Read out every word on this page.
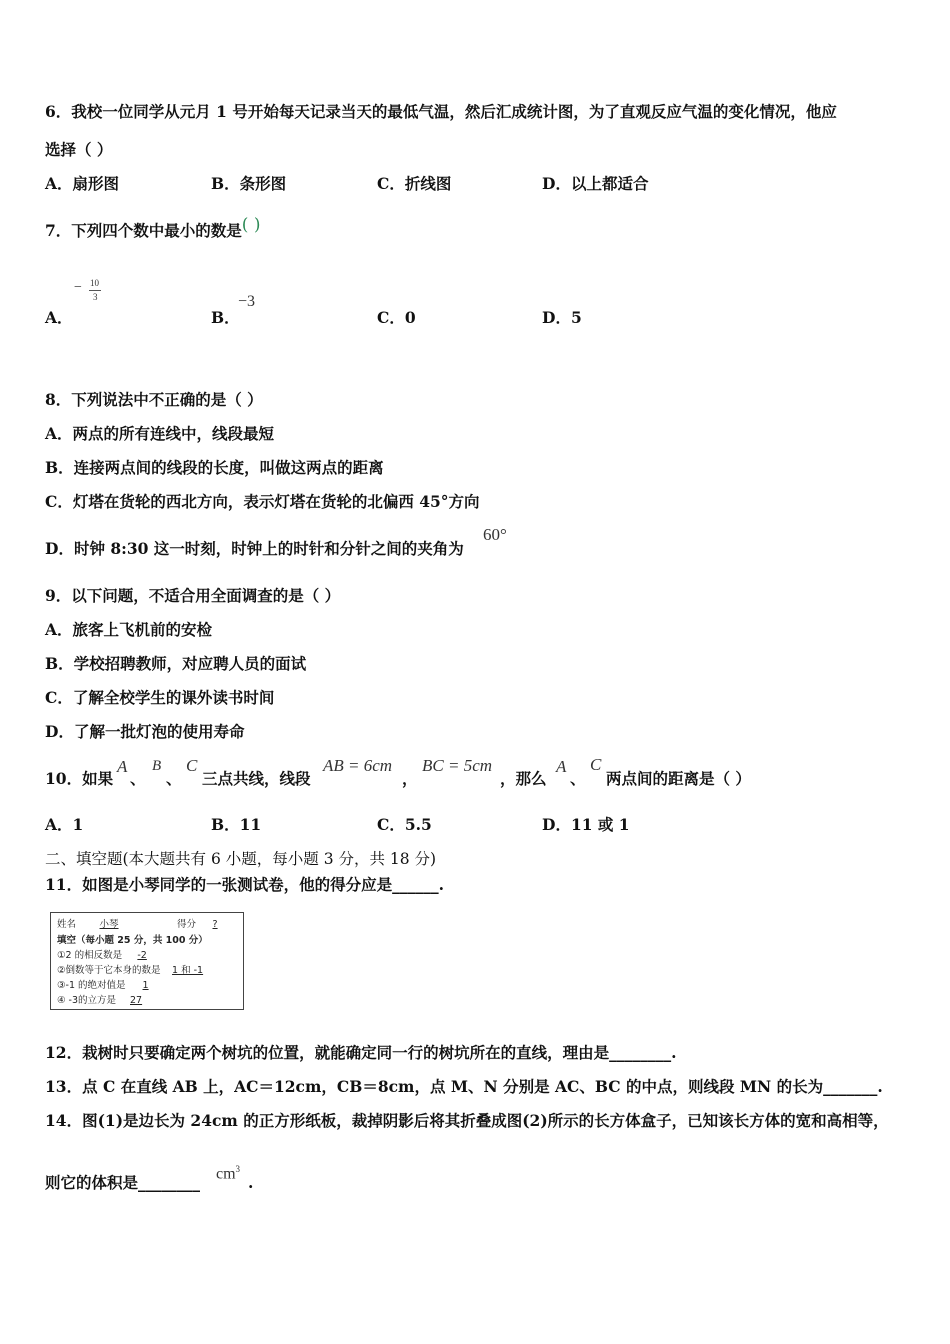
6．我校一位同学从元月 1 号开始每天记录当天的最低气温，然后汇成统计图，为了直观反应气温的变化情况，他应
选择（ ）
A．扇形图	B．条形图	C．折线图	D．以上都适合
7．下列四个数中最小的数是( )
A．
− 10
3
B．
−3
C．0	D．5
8．下列说法中不正确的是（ ）
A．两点的所有连线中，线段最短
B．连接两点间的线段的长度，叫做这两点的距离
C．灯塔在货轮的西北方向，表示灯塔在货轮的北偏西 45°方向
D．时钟 8:30 这一时刻，时钟上的时针和分针之间的夹角为
60°
9．以下问题，不适合用全面调查的是（ ）
A．旅客上飞机前的安检
B．学校招聘教师，对应聘人员的面试
C．了解全校学生的课外读书时间
D．了解一批灯泡的使用寿命
10．如果
A
、
B
、
C
三点共线，线段
AB = 6cm
，
BC = 5cm
，那么
A
、
C
两点间的距离是（ ）
A．1	B．11	C．5.5	D．11 或 1
二、填空题(本大题共有 6 小题，每小题 3 分，共 18 分)
11．如图是小琴同学的一张测试卷，他的得分应是______.
姓名 小琴	得分 ?
填空（每小题 25 分，共 100 分）
①2 的相反数是 -2
②倒数等于它本身的数是 1 和 -1
③-1 的绝对值是 1
④ -3的立方是 27
12．栽树时只要确定两个树坑的位置，就能确定同一行的树坑所在的直线，理由是________.
13．点 C 在直线 AB 上，AC＝12cm，CB＝8cm，点 M、N 分别是 AC、BC 的中点，则线段 MN 的长为_______.
14．图(1)是边长为 24cm 的正方形纸板，裁掉阴影后将其折叠成图(2)所示的长方体盒子，已知该长方体的宽和高相等，
则它的体积是________ $cm^3$
.
